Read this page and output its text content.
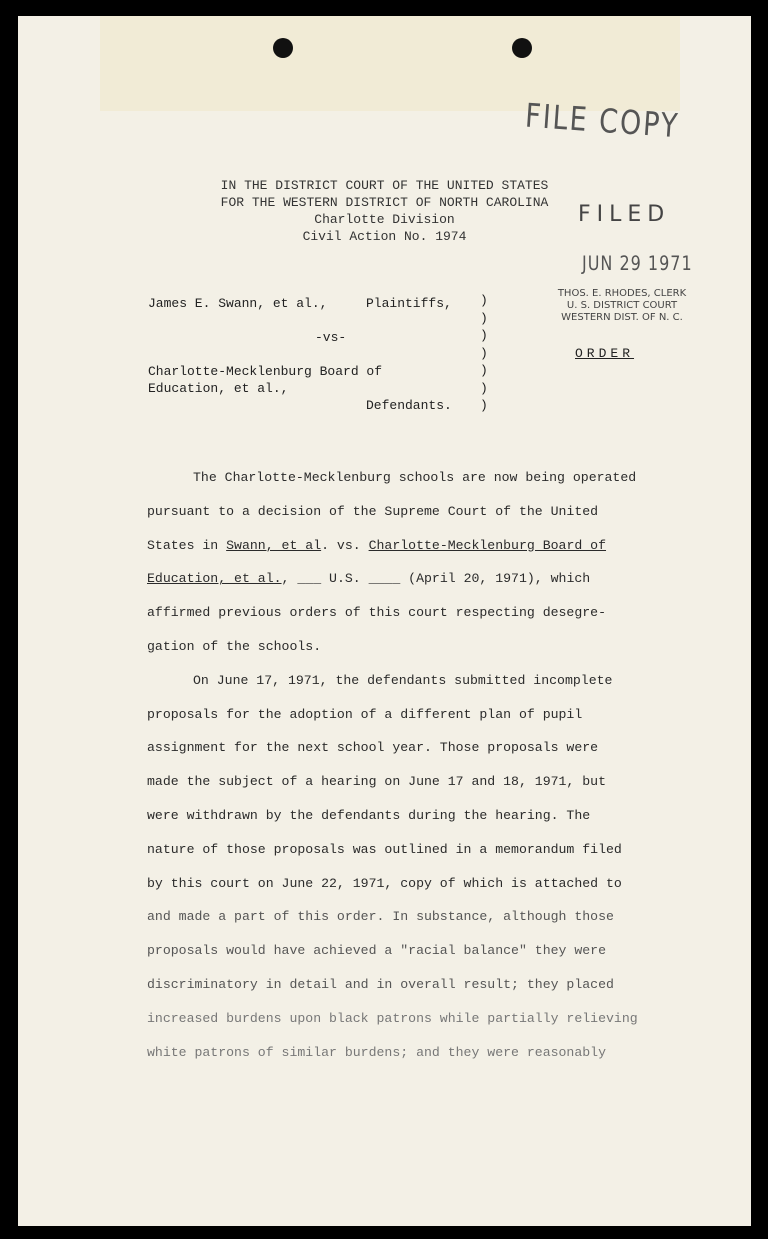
FILE COPY
IN THE DISTRICT COURT OF THE UNITED STATES
FOR THE WESTERN DISTRICT OF NORTH CAROLINA
Charlotte Division
Civil Action No. 1974
FILED
JUN 29 1971
THOS. E. RHODES, CLERK
U. S. DISTRICT COURT
WESTERN DIST. OF N. C.
James E. Swann, et al.,	Plaintiffs,
-vs-
Charlotte-Mecklenburg Board of
Education, et al.,
Defendants.
)
)
)
)
)
)
)
ORDER
The Charlotte-Mecklenburg schools are now being operated
pursuant to a decision of the Supreme Court of the United
States in Swann, et al. vs. Charlotte-Mecklenburg Board of
Education, et al., ___ U.S. ____ (April 20, 1971), which
affirmed previous orders of this court respecting desegre-
gation of the schools.
On June 17, 1971, the defendants submitted incomplete
proposals for the adoption of a different plan of pupil
assignment for the next school year. Those proposals were
made the subject of a hearing on June 17 and 18, 1971, but
were withdrawn by the defendants during the hearing. The
nature of those proposals was outlined in a memorandum filed
by this court on June 22, 1971, copy of which is attached to
and made a part of this order. In substance, although those
proposals would have achieved a "racial balance" they were
discriminatory in detail and in overall result; they placed
increased burdens upon black patrons while partially relieving
white patrons of similar burdens; and they were reasonably
